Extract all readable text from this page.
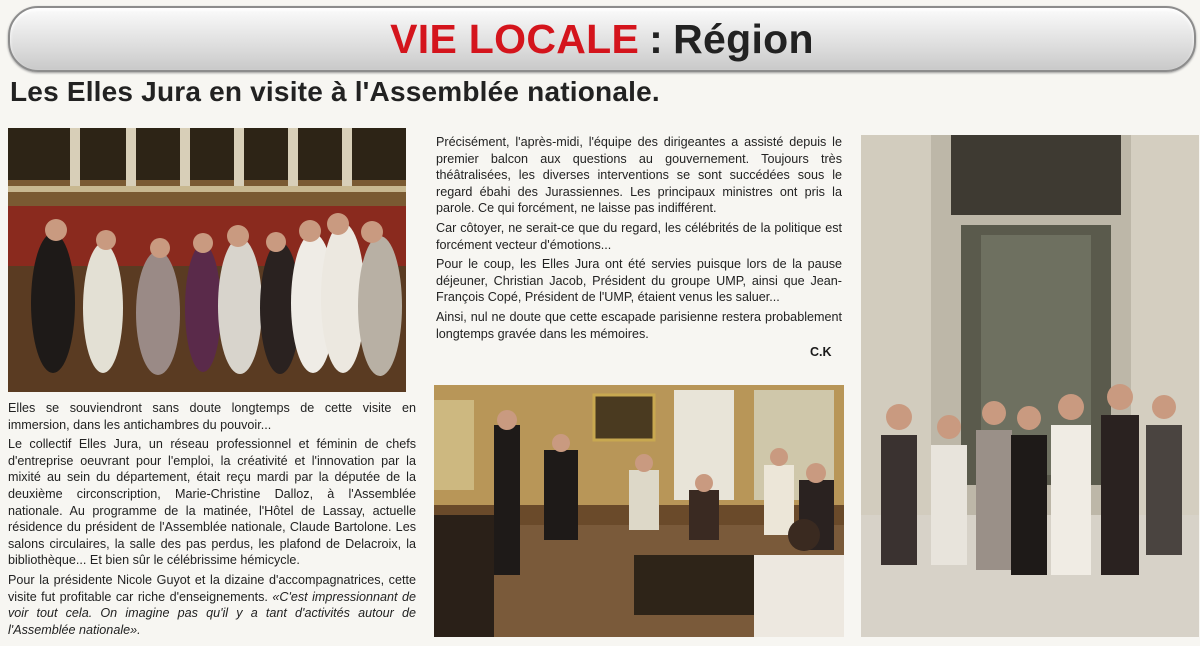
VIE LOCALE : Région
Les Elles Jura en visite à l'Assemblée nationale.

Elles se souviendront sans doute longtemps de cette visite en immersion, dans les antichambres du pouvoir...

Le collectif Elles Jura, un réseau professionnel et féminin de chefs d'entreprise oeuvrant pour l'emploi, la créativité et l'innovation par la mixité au sein du département, était reçu mardi par la députée de la deuxième circonscription, Marie-Christine Dalloz, à l'Assemblée nationale. Au programme de la matinée, l'Hôtel de Lassay, actuelle résidence du président de l'Assemblée nationale, Claude Bartolone. Les salons circulaires, la salle des pas perdus, les plafond de Delacroix, la bibliothèque... Et bien sûr le célébrissime hémicycle.

Pour la présidente Nicole Guyot et la dizaine d'accompagnatrices, cette visite fut profitable car riche d'enseignements. «C'est impressionnant de voir tout cela. On imagine pas qu'il y a tant d'activités autour de l'Assemblée nationale».

Précisément, l'après-midi, l'équipe des dirigeantes a assisté depuis le premier balcon aux questions au gouvernement. Toujours très théâtralisées, les diverses interventions se sont succédées sous le regard ébahi des Jurassiennes. Les principaux ministres ont pris la parole. Ce qui forcément, ne laisse pas indifférent.

Car côtoyer, ne serait-ce que du regard, les célébrités de la politique est forcément vecteur d'émotions...

Pour le coup, les Elles Jura ont été servies puisque lors de la pause déjeuner, Christian Jacob, Président du groupe UMP, ainsi que Jean-François Copé, Président de l'UMP, étaient venus les saluer...

Ainsi, nul ne doute que cette escapade parisienne restera probablement longtemps gravée dans les mémoires.

C.K
